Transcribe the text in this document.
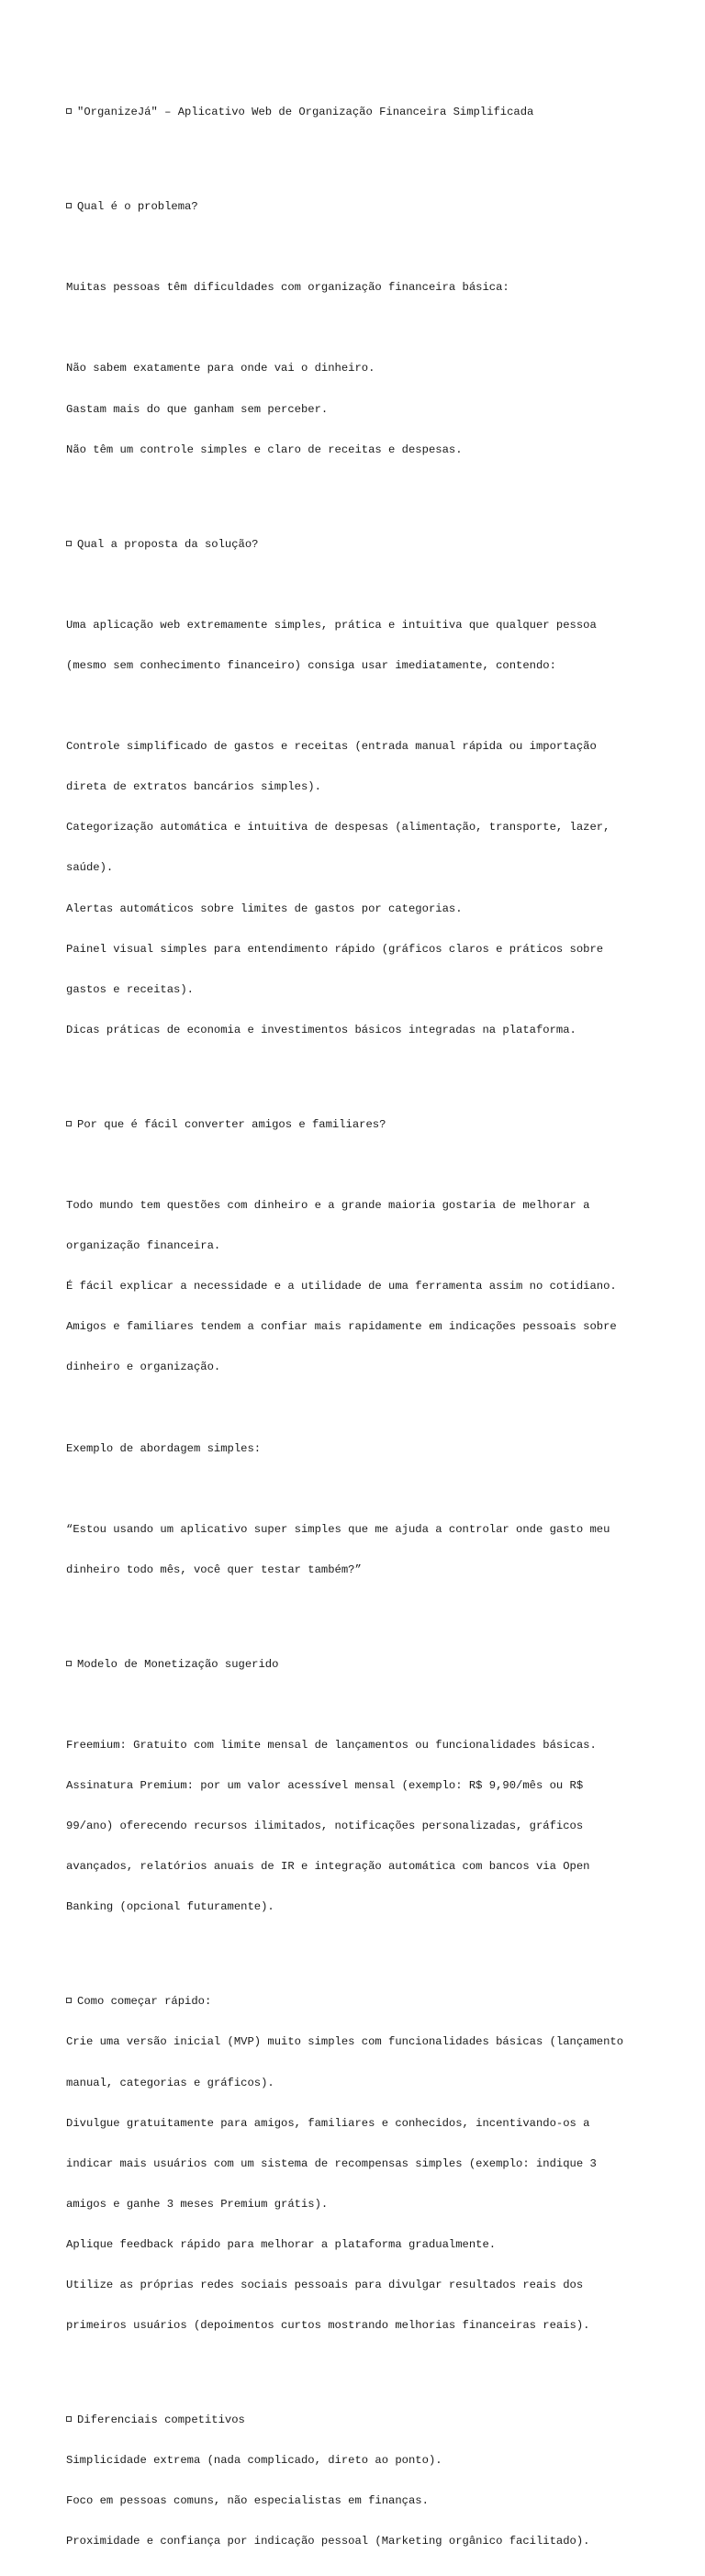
"OrganizeJá" – Aplicativo Web de Organização Financeira Simplificada

Qual é o problema?

Muitas pessoas têm dificuldades com organização financeira básica:

Não sabem exatamente para onde vai o dinheiro.

Gastam mais do que ganham sem perceber.

Não têm um controle simples e claro de receitas e despesas.

Qual a proposta da solução?

Uma aplicação web extremamente simples, prática e intuitiva que qualquer pessoa

(mesmo sem conhecimento financeiro) consiga usar imediatamente, contendo:

Controle simplificado de gastos e receitas (entrada manual rápida ou importação

direta de extratos bancários simples).

Categorização automática e intuitiva de despesas (alimentação, transporte, lazer,

saúde).

Alertas automáticos sobre limites de gastos por categorias.

Painel visual simples para entendimento rápido (gráficos claros e práticos sobre

gastos e receitas).

Dicas práticas de economia e investimentos básicos integradas na plataforma.

Por que é fácil converter amigos e familiares?

Todo mundo tem questões com dinheiro e a grande maioria gostaria de melhorar a

organização financeira.

É fácil explicar a necessidade e a utilidade de uma ferramenta assim no cotidiano.

Amigos e familiares tendem a confiar mais rapidamente em indicações pessoais sobre

dinheiro e organização.

Exemplo de abordagem simples:

“Estou usando um aplicativo super simples que me ajuda a controlar onde gasto meu

dinheiro todo mês, você quer testar também?”

Modelo de Monetização sugerido

Freemium: Gratuito com limite mensal de lançamentos ou funcionalidades básicas.

Assinatura Premium: por um valor acessível mensal (exemplo: R$ 9,90/mês ou R$

99/ano) oferecendo recursos ilimitados, notificações personalizadas, gráficos

avançados, relatórios anuais de IR e integração automática com bancos via Open

Banking (opcional futuramente).

Como começar rápido:

Crie uma versão inicial (MVP) muito simples com funcionalidades básicas (lançamento

manual, categorias e gráficos).

Divulgue gratuitamente para amigos, familiares e conhecidos, incentivando-os a

indicar mais usuários com um sistema de recompensas simples (exemplo: indique 3

amigos e ganhe 3 meses Premium grátis).

Aplique feedback rápido para melhorar a plataforma gradualmente.

Utilize as próprias redes sociais pessoais para divulgar resultados reais dos

primeiros usuários (depoimentos curtos mostrando melhorias financeiras reais).

Diferenciais competitivos

Simplicidade extrema (nada complicado, direto ao ponto).

Foco em pessoas comuns, não especialistas em finanças.

Proximidade e confiança por indicação pessoal (Marketing orgânico facilitado).
